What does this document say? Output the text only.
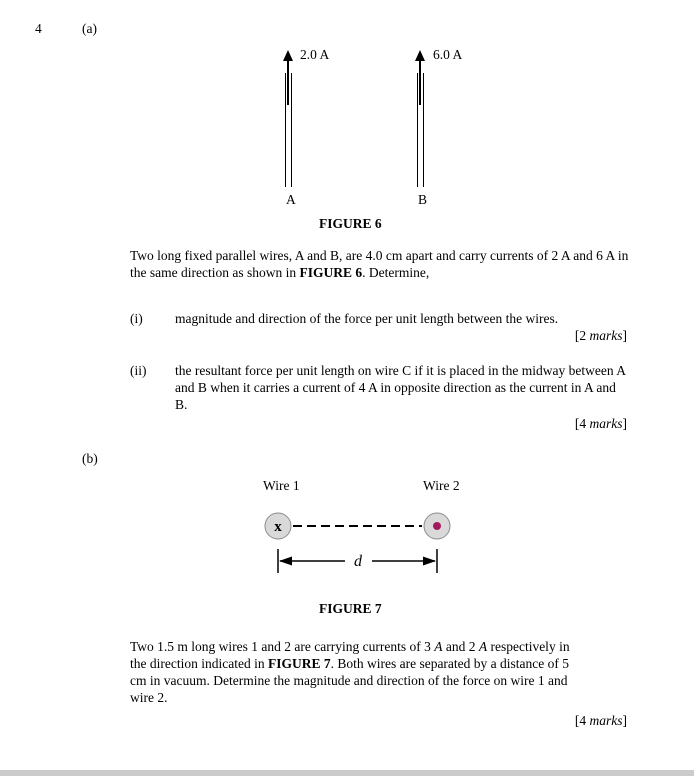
4	(a)
2.0 A	6.0 A
A	B
FIGURE 6
Two long fixed parallel wires, A and B, are 4.0 cm apart and carry currents of 2 A and 6 A in the same direction as shown in FIGURE 6. Determine,
(i) magnitude and direction of the force per unit length between the wires.
[2 marks]
(ii) the resultant force per unit length on wire C if it is placed in the midway between A and B when it carries a current of 4 A in opposite direction as the current in A and B.
[4 marks]
(b)
Wire 1	Wire 2
x
d
FIGURE 7
Two 1.5 m long wires 1 and 2 are carrying currents of 3 A and 2 A respectively in the direction indicated in FIGURE 7. Both wires are separated by a distance of 5 cm in vacuum. Determine the magnitude and direction of the force on wire 1 and wire 2.
[4 marks]
